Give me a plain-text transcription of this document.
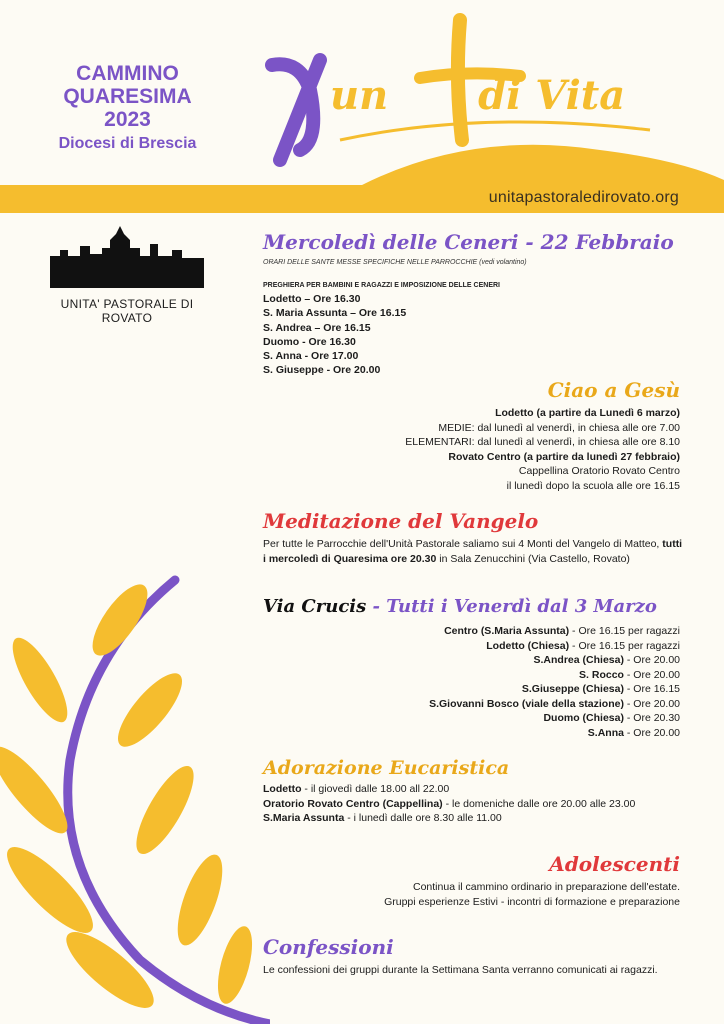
un di Vita
CAMMINO
QUARESIMA
2023
Diocesi di Brescia
unitapastoraledirovato.org
UNITA' PASTORALE DI ROVATO
Mercoledì delle Ceneri - 22 Febbraio
ORARI DELLE SANTE MESSE SPECIFICHE NELLE PARROCCHIE (vedi volantino)
PREGHIERA PER BAMBINI E RAGAZZI E IMPOSIZIONE DELLE CENERI
Lodetto – Ore 16.30
S. Maria Assunta – Ore 16.15
S. Andrea – Ore 16.15
Duomo - Ore 16.30
S. Anna - Ore 17.00
S. Giuseppe - Ore 20.00
Ciao a Gesù
Lodetto (a partire da Lunedì 6 marzo)
MEDIE: dal lunedì al venerdì, in chiesa alle ore 7.00
ELEMENTARI: dal lunedì al venerdì, in chiesa alle ore 8.10
Rovato Centro (a partire da lunedì 27 febbraio)
Cappellina Oratorio Rovato Centro
il lunedì dopo la scuola alle ore 16.15
Meditazione del Vangelo
Per tutte le Parrocchie dell'Unità Pastorale saliamo sui 4 Monti del Vangelo di Matteo, tutti i mercoledì di Quaresima ore 20.30 in Sala Zenucchini (Via Castello, Rovato)
Via Crucis - Tutti i Venerdì dal 3 Marzo
Centro (S.Maria Assunta) - Ore 16.15 per ragazzi
Lodetto (Chiesa) - Ore 16.15 per ragazzi
S.Andrea (Chiesa) - Ore 20.00
S. Rocco - Ore 20.00
S.Giuseppe (Chiesa) - Ore 16.15
S.Giovanni Bosco (viale della stazione) - Ore 20.00
Duomo (Chiesa) - Ore 20.30
S.Anna - Ore 20.00
Adorazione Eucaristica
Lodetto - il giovedì dalle 18.00 all 22.00
Oratorio Rovato Centro (Cappellina) - le domeniche dalle ore 20.00 alle 23.00
S.Maria Assunta - i lunedì dalle ore 8.30 alle 11.00
Adolescenti
Continua il cammino ordinario in preparazione dell'estate.
Gruppi esperienze Estivi - incontri di formazione e preparazione
Confessioni
Le confessioni dei gruppi durante la Settimana Santa verranno comunicati ai ragazzi.
